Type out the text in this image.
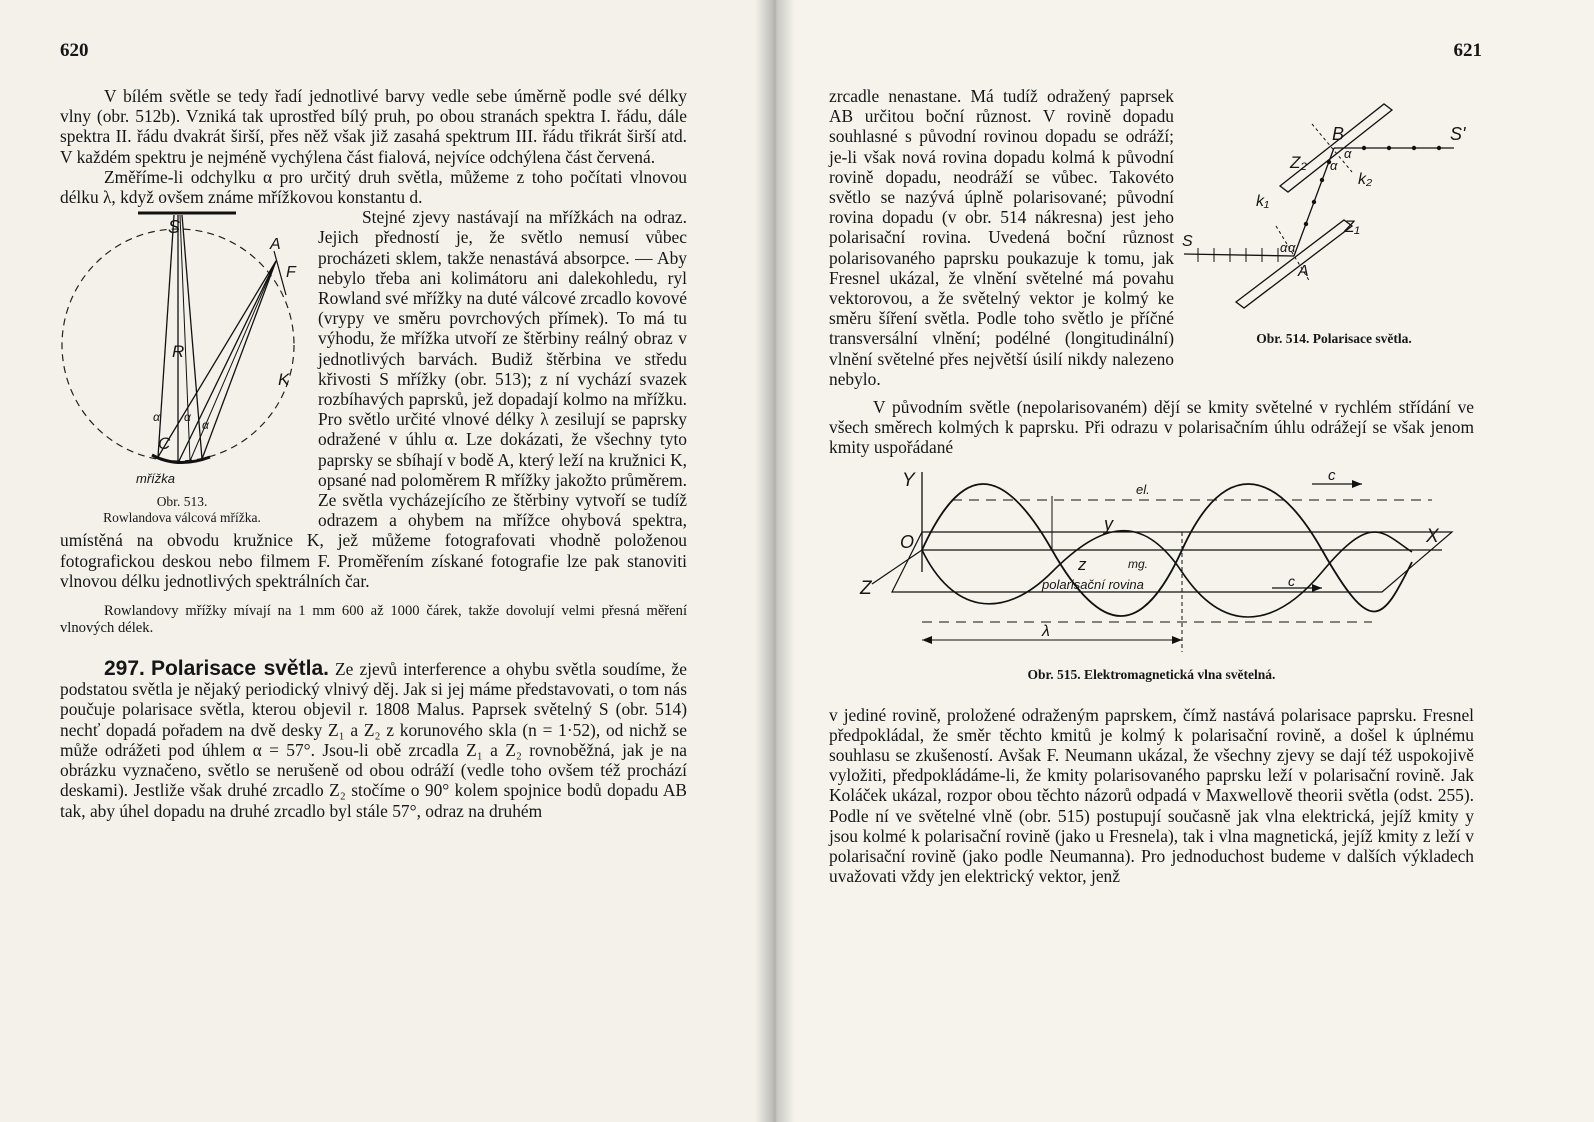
620

V bílém světle se tedy řadí jednotlivé barvy vedle sebe úměrně podle své délky vlny (obr. 512b). Vzniká tak uprostřed bílý pruh, po obou stranách spektra I. řádu, dále spektra II. řádu dvakrát širší, přes něž však již zasahá spektrum III. řádu třikrát širší atd. V každém spektru je nejméně vychýlena část fialová, nejvíce odchýlena část červená.

Změříme-li odchylku α pro určitý druh světla, můžeme z toho počítati vlnovou délku λ, když ovšem známe mřížkovou konstantu d.

S
A
F
R
K
C
α α
α
mřížka
Obr. 513.
Rowlandova válcová mřížka.

Stejné zjevy nastávají na mřížkách na odraz. Jejich předností je, že světlo nemusí vůbec procházeti sklem, takže nenastává absorpce. — Aby nebylo třeba ani kolimátoru ani dalekohledu, ryl Rowland své mřížky na duté válcové zrcadlo kovové (vrypy ve směru povrchových přímek). To má tu výhodu, že mřížka utvoří ze štěrbiny reálný obraz v jednotlivých barvách. Budiž štěrbina ve středu křivosti S mřížky (obr. 513); z ní vychází svazek rozbíhavých paprsků, jež dopadají kolmo na mřížku. Pro světlo určité vlnové délky λ zesilují se paprsky odražené v úhlu α. Lze dokázati, že všechny tyto paprsky se sbíhají v bodě A, který leží na kružnici K, opsané nad poloměrem R mřížky jakožto průměrem. Ze světla vycházejícího ze štěrbiny vytvoří se tudíž odrazem a ohybem na mřížce ohybová spektra, umístěná na obvodu kružnice K, jež můžeme fotografovati vhodně položenou fotografickou deskou nebo filmem F. Proměřením získané fotografie lze pak stanoviti vlnovou délku jednotlivých spektrálních čar.

Rowlandovy mřížky mívají na 1 mm 600 až 1000 čárek, takže dovolují velmi přesná měření vlnových délek.

297. Polarisace světla. Ze zjevů interference a ohybu světla soudíme, že podstatou světla je nějaký periodický vlnivý děj. Jak si jej máme představovati, o tom nás poučuje polarisace světla, kterou objevil r. 1808 Malus. Paprsek světelný S (obr. 514) nechť dopadá pořadem na dvě desky Z₁ a Z₂ z korunového skla (n = 1·52), od nichž se může odrážeti pod úhlem α = 57°. Jsou-li obě zrcadla Z₁ a Z₂ rovnoběžná, jak je na obrázku vyznačeno, světlo se nerušeně od obou odráží (vedle toho ovšem též prochází deskami). Jestliže však druhé zrcadlo Z₂ stočíme o 90° kolem spojnice bodů dopadu AB tak, aby úhel dopadu na druhé zrcadlo byl stále 57°, odraz na druhém

621
B	S'
Z₂	α
α
k₂
k₁
Z₁
α α
S
A
Obr. 514. Polarisace světla.

zrcadle nenastane. Má tudíž odražený paprsek AB určitou boční různost. V rovině dopadu souhlasné s původní rovinou dopadu se odráží; je-li však nová rovina dopadu kolmá k původní rovině dopadu, neodráží se vůbec. Takovéto světlo se nazývá úplně polarisované; původní rovina dopadu (v obr. 514 nákresna) jest jeho polarisační rovina. Uvedená boční různost polarisovaného paprsku poukazuje k tomu, jak Fresnel ukázal, že vlnění světelné má povahu vektorovou, a že světelný vektor je kolmý ke směru šíření světla. Podle toho světlo je příčné transversální vlnění; podélné (longitudinální) vlnění světelné přes největší úsilí nikdy nalezeno nebylo.

V původním světle (nepolarisovaném) dějí se kmity světelné v rychlém střídání ve všech směrech kolmých k paprsku. Při odrazu v polarisačním úhlu odrážejí se však jenom kmity uspořádané

Y	c
el.
y
O	X
Z
z	mg.
polarisační rovina	c
λ
Obr. 515. Elektromagnetická vlna světelná.

v jediné rovině, proložené odraženým paprskem, čímž nastává polarisace paprsku. Fresnel předpokládal, že směr těchto kmitů je kolmý k polarisační rovině, a došel k úplnému souhlasu se zkušeností. Avšak F. Neumann ukázal, že všechny zjevy se dají též uspokojivě vyložiti, předpokládáme-li, že kmity polarisovaného paprsku leží v polarisační rovině. Jak Koláček ukázal, rozpor obou těchto názorů odpadá v Maxwellově theorii světla (odst. 255). Podle ní ve světelné vlně (obr. 515) postupují současně jak vlna elektrická, jejíž kmity y jsou kolmé k polarisační rovině (jako u Fresnela), tak i vlna magnetická, jejíž kmity z leží v polarisační rovině (jako podle Neumanna). Pro jednoduchost budeme v dalších výkladech uvažovati vždy jen elektrický vektor, jenž
